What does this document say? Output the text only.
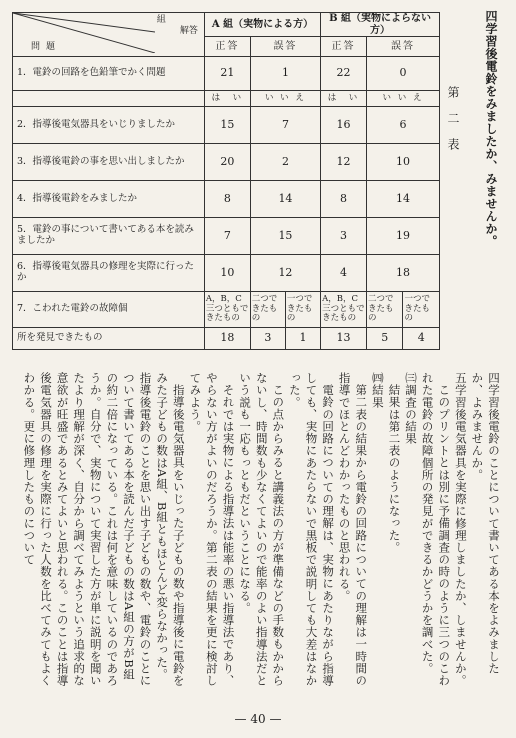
組
解答
問題	A 組（実物による方）			B 組（実物によらない方）		
	正答	誤答		正答	誤答	
1．電鈴の回路を色鉛筆でかく問題	21	1		22	0	
	は　い	い い え		は　い	い い え	
2．指導後電気器具をいじりましたか	15	7		16	6	
3．指導後電鈴の事を思い出しましたか	20	2		12	10	
4．指導後電鈴をみましたか	8	14		8	14	
5．電鈴の事について書いてある本を読みましたか	7	15		3	19	
6．指導後電気器具の修理を実際に行ったか	10	12		4	18	
7．こわれた電鈴の故障個	A，B，C三つともできたもの	二つできたもの	一つできたもの	A，B，C三つともできたもの	二つできたもの	一つできたもの
所を発見できたもの	18	3	1	13	5	4
第二表 四学習後電鈴をみましたか、みませんか。

四学習後電鈴のことについて書いてある本をよみましたか、よみませんか。

五学習後電気器具を実際に修理しましたか、しませんか。

このプリントとは別に予備調査の時のように三つのこわれた電鈴の故障個所の発見ができるかどうかを調べた。

㈢調査の結果

結果は第二表のようになった。

㈣結果

第二表の結果から電鈴の回路についての理解は一時間の指導でほとんどわかったものと思われる。

電鈴の回路についての理解は、実物にあたりながら指導しても、実物にあたらないで黒板で説明しても大差はなかった。

この点からみると講義法の方が準備などの手数もかからないし、時間数も少なくてよいので能率のよい指導法だという説も一応もっともだということになる。

それでは実物による指導法は能率の悪い指導法であり、やらない方がよいのだろうか。第二表の結果を更に検討してみよう。

指導後電気器具をいじった子どもの数や指導後に電鈴をみた子どもの数はA組、B組ともほとんど変らなかった。指導後電鈴のことを思い出す子どもの数や、電鈴のことについて書いてある本を読んだ子どもの数はA組の方がB組の約二倍になっている。これは何を意味しているのであろうか。自分で、実物について実習した方が単に説明を聞いたより理解が深く、自分から調べてみようという追求的な意欲が旺盛であるとみてよいと思われる。このことは指導後電気器具の修理を実際に行った人数を比べてみてもよくわかる。更に修理したものについて

— 40 —
